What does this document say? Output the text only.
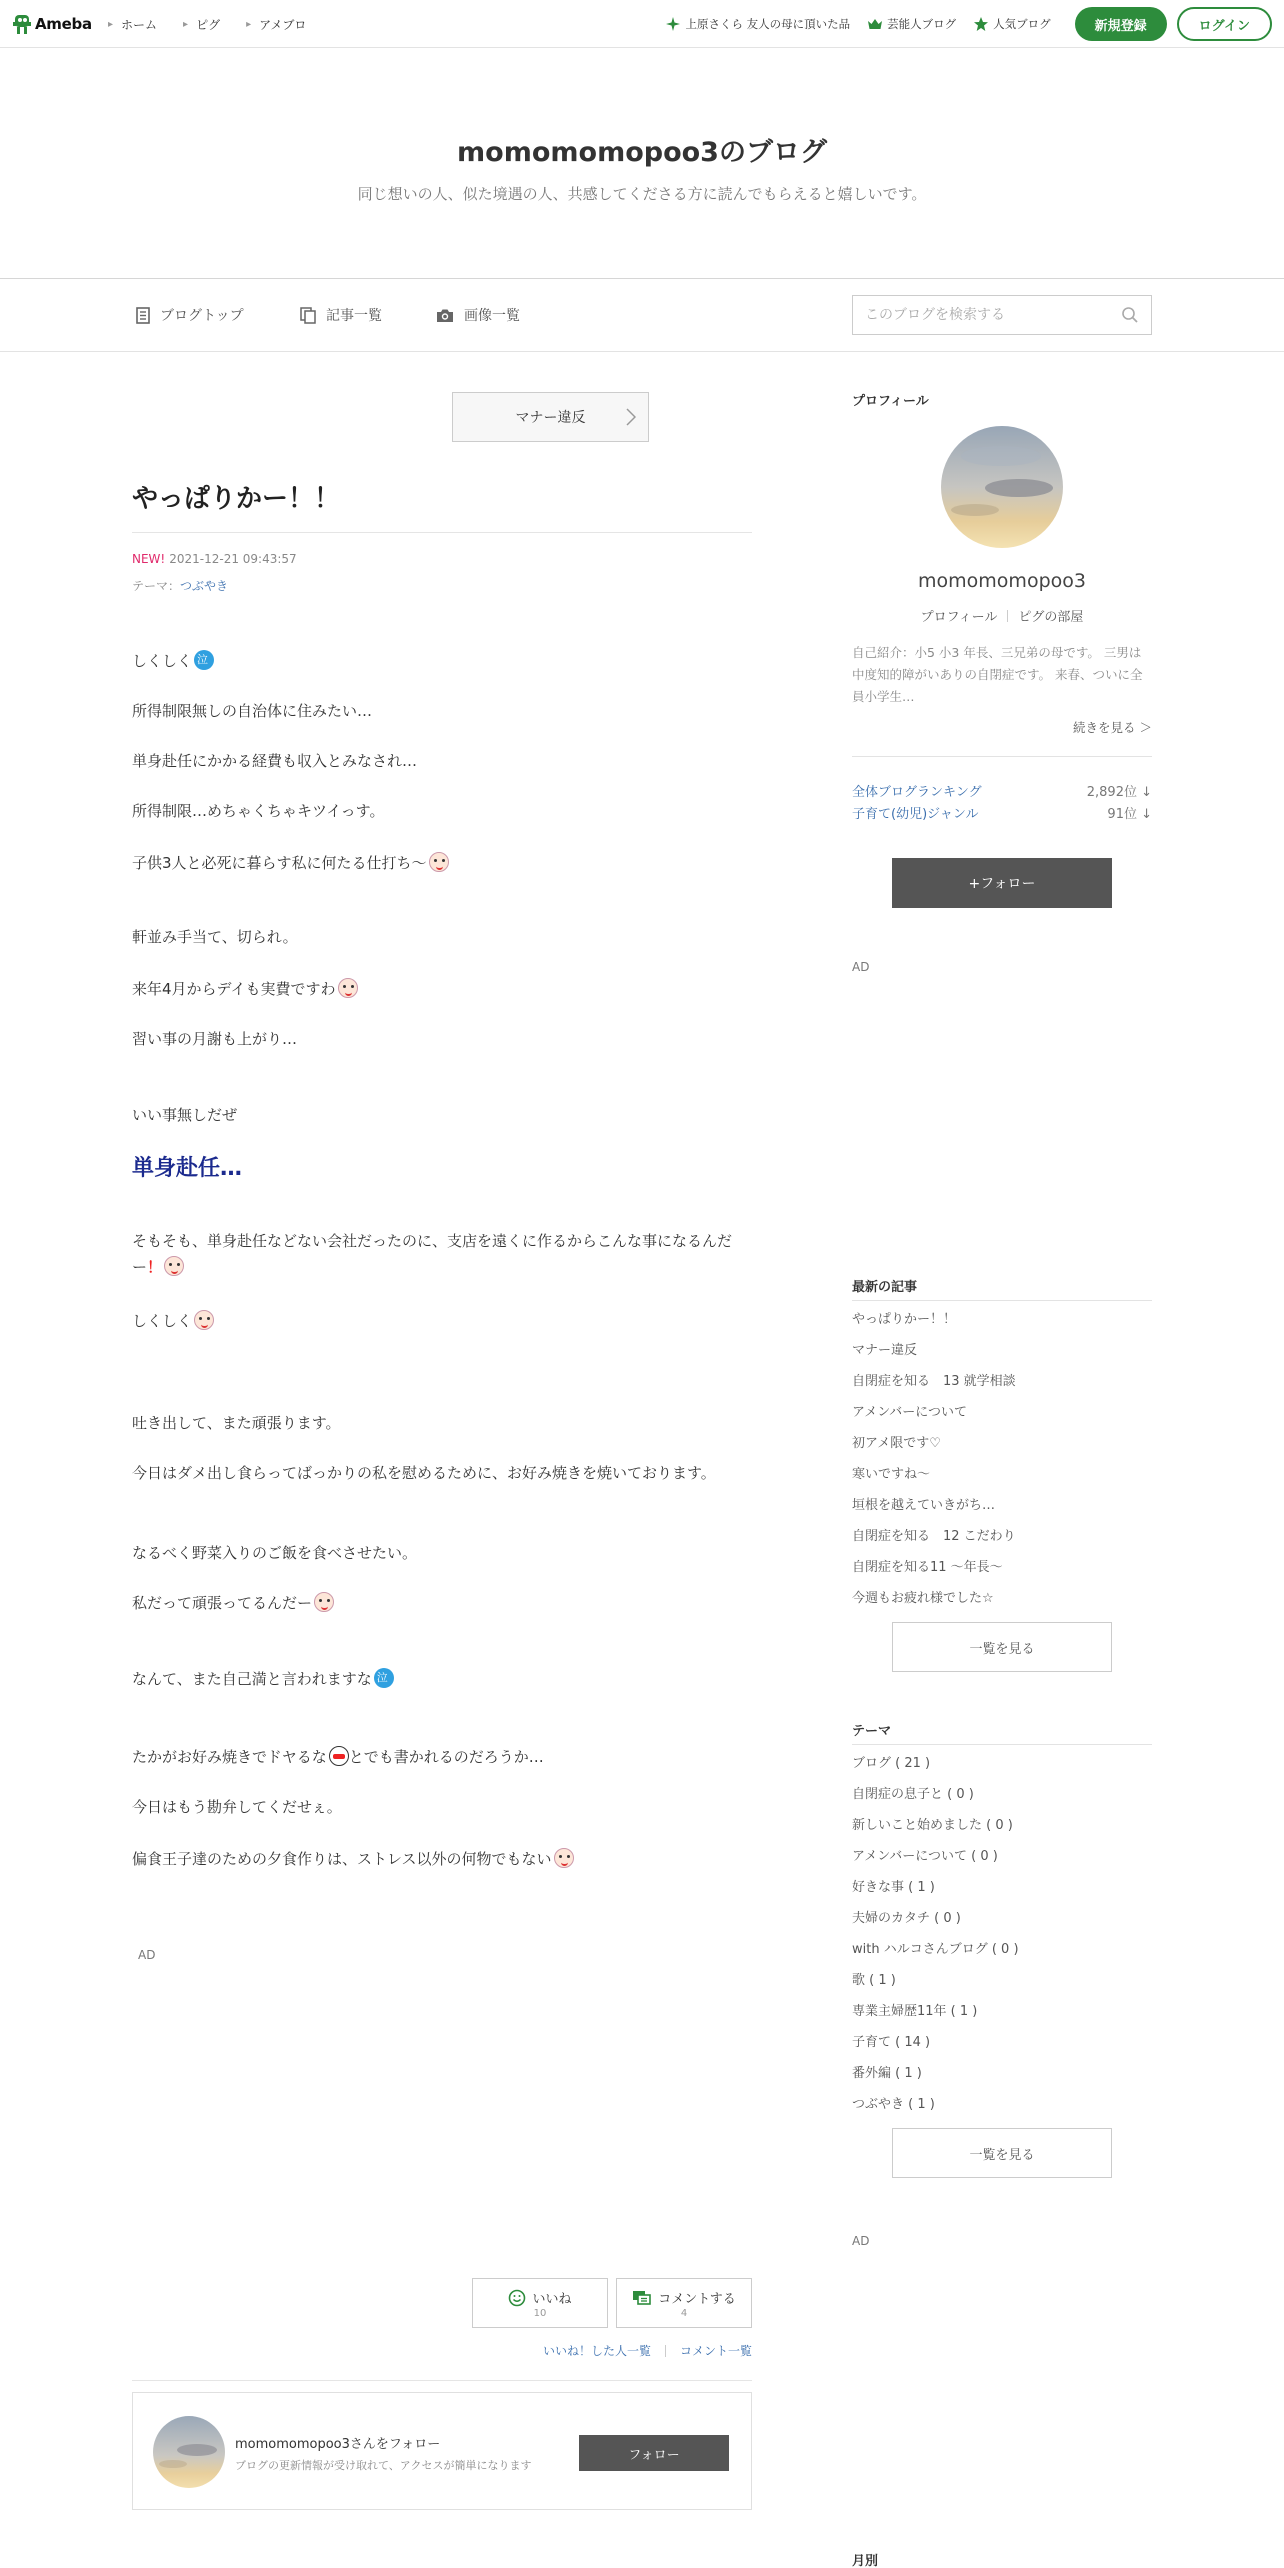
Ameba ▸ ホーム	▸ ピグ	▸ アメブロ	上原さくら 友人の母に頂いた品	芸能人ブログ	人気ブログ	新規登録	ログイン
momomomopoo3のブログ
同じ想いの人、似た境遇の人、共感してくださる方に読んでもらえると嬉しいです。
ブログトップ	記事一覧	画像一覧
このブログを検索する
マナー違反
やっぱりかー！！
NEW! 2021-12-21 09:43:57
テーマ：つぶやき
しくしく泣
所得制限無しの自治体に住みたい…
単身赴任にかかる経費も収入とみなされ…
所得制限…めちゃくちゃキツイっす。
子供3人と必死に暮らす私に何たる仕打ち〜
軒並み手当て、切られ。
来年4月からデイも実費ですわ
習い事の月謝も上がり…
いい事無しだぜ
単身赴任…
そもそも、単身赴任などない会社だったのに、支店を遠くに作るからこんな事になるんだー！
しくしく
吐き出して、また頑張ります。
今日はダメ出し食らってばっかりの私を慰めるために、お好み焼きを焼いております。
なるべく野菜入りのご飯を食べさせたい。
私だって頑張ってるんだー
なんて、また自己満と言われますな泣
たかがお好み焼きでドヤるな とでも書かれるのだろうか…
今日はもう勘弁してくだせぇ。
偏食王子達のための夕食作りは、ストレス以外の何物でもない
AD
いいね
10
コメントする
4
いいね！した人一覧 コメント一覧
momomomopoo3さんをフォロー
ブログの更新情報が受け取れて、アクセスが簡単になります
フォロー
プロフィール
momomomopoo3
プロフィール ピグの部屋
自己紹介：小5 小3 年長、三兄弟の母です。 三男は中度知的障がいありの自閉症です。 来春、ついに全員小学生…
続きを見る ＞
全体ブログランキング	2,892位 ↓
子育て(幼児)ジャンル	91位 ↓
+フォロー
AD
最新の記事
やっぱりかー！！
マナー違反
自閉症を知る　13 就学相談
アメンバーについて
初アメ限です♡
寒いですね〜
垣根を越えていきがち…
自閉症を知る　12 こだわり
自閉症を知る11 〜年長〜
今週もお疲れ様でした☆
一覧を見る
テーマ
ブログ ( 21 )
自閉症の息子と ( 0 )
新しいこと始めました ( 0 )
アメンバーについて ( 0 )
好きな事 ( 1 )
夫婦のカタチ ( 0 )
with ハルコさんブログ ( 0 )
歌 ( 1 )
専業主婦歴11年 ( 1 )
子育て ( 14 )
番外編 ( 1 )
つぶやき ( 1 )
一覧を見る
AD
月別
